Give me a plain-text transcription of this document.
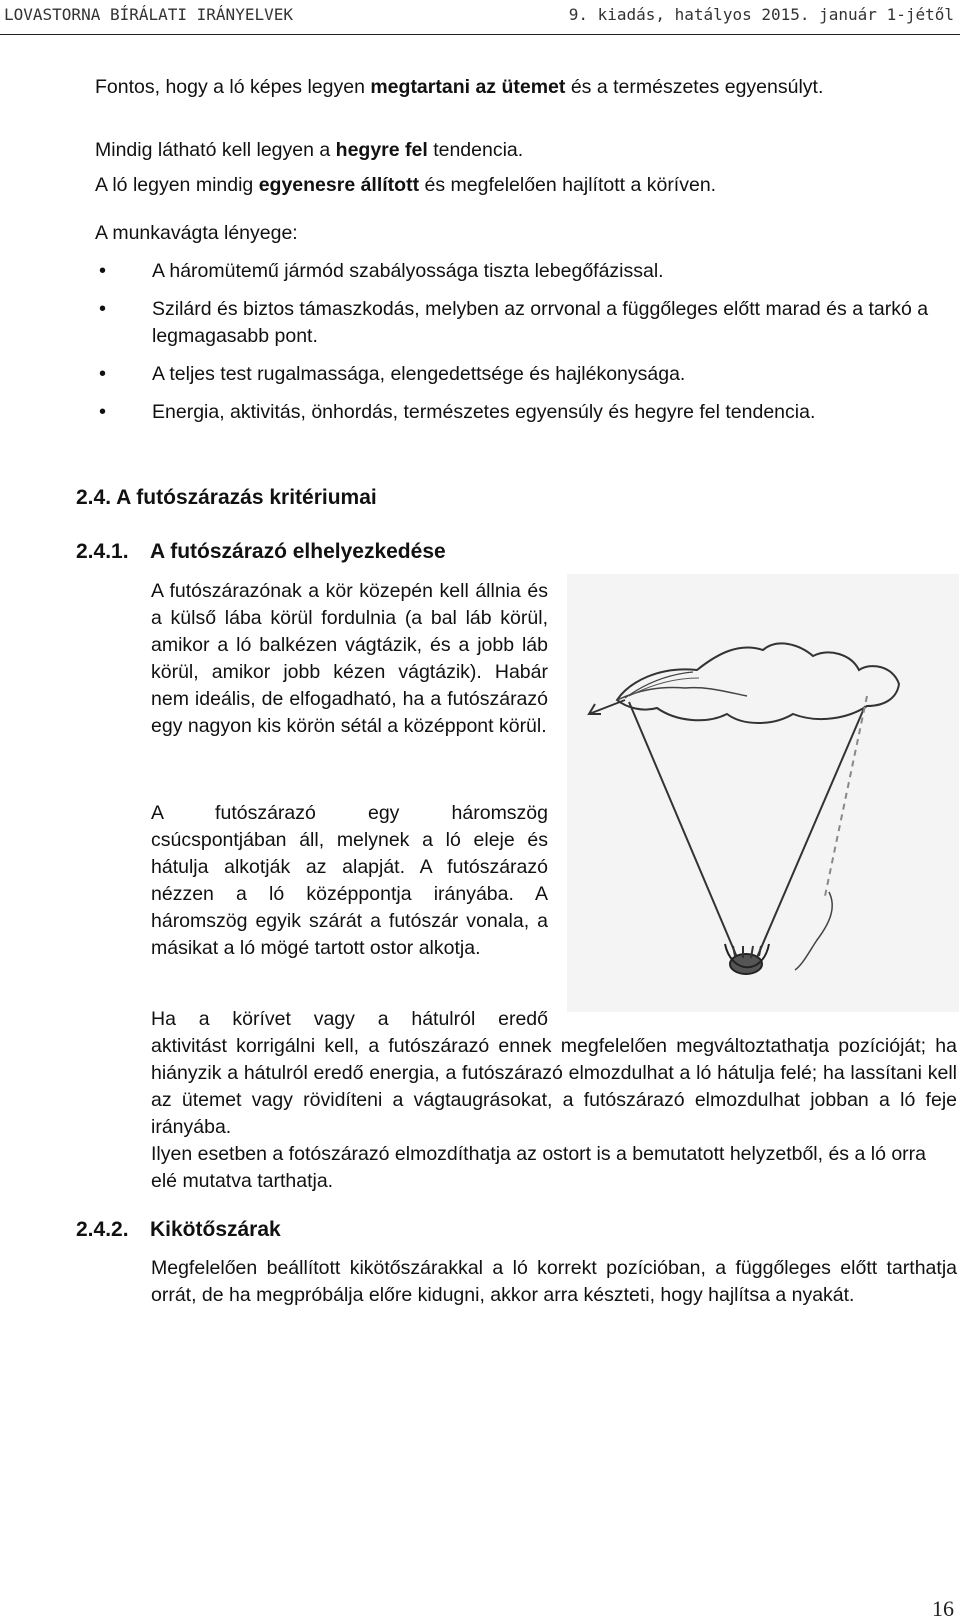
LOVASTORNA BÍRÁLATI IRÁNYELVEK	9. kiadás, hatályos 2015. január 1-jétől

Fontos, hogy a ló képes legyen megtartani az ütemet és a természetes egyensúlyt.

Mindig látható kell legyen a hegyre fel tendencia.

A ló legyen mindig egyenesre állított és megfelelően hajlított a köríven.

A munkavágta lényege:

• A háromütemű jármód szabályossága tiszta lebegőfázissal.
• Szilárd és biztos támaszkodás, melyben az orrvonal a függőleges előtt marad és a tarkó a legmagasabb pont.
• A teljes test rugalmassága, elengedettsége és hajlékonysága.
• Energia, aktivitás, önhordás, természetes egyensúly és hegyre fel tendencia.
2.4. A futószárazás kritériumai
2.4.1. A futószárazó elhelyezkedése

A futószárazónak a kör közepén kell állnia és a külső lába körül fordulnia (a bal láb körül, amikor a ló balkézen vágtázik, és a jobb láb körül, amikor jobb kézen vágtázik). Habár nem ideális, de elfogadható, ha a futószárazó egy nagyon kis körön sétál a középpont körül.

A futószárazó egy háromszög csúcspontjában áll, melynek a ló eleje és hátulja alkotják az alapját. A futószárazó nézzen a ló középpontja irányába. A háromszög egyik szárát a futószár vonala, a másikat a ló mögé tartott ostor alkotja.

Ha a körívet vagy a hátulról eredő

aktivitást korrigálni kell, a futószárazó ennek megfelelően megváltoztathatja pozícióját; ha hiányzik a hátulról eredő energia, a futószárazó elmozdulhat a ló hátulja felé; ha lassítani kell az ütemet vagy rövidíteni a vágtaugrásokat, a futószárazó elmozdulhat jobban a ló feje irányába.

Ilyen esetben a fotószárazó elmozdíthatja az ostort is a bemutatott helyzetből, és a ló orra elé mutatva tarthatja.

2.4.2. Kikötőszárak

Megfelelően beállított kikötőszárakkal a ló korrekt pozícióban, a függőleges előtt tarthatja orrát, de ha megpróbálja előre kidugni, akkor arra készteti, hogy hajlítsa a nyakát.

16
